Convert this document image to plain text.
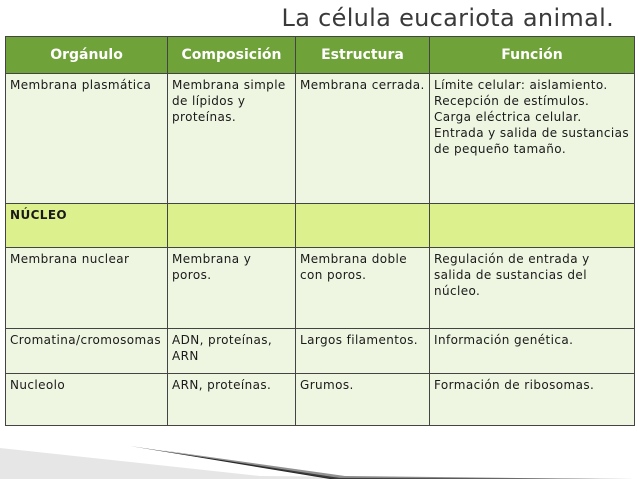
La célula eucariota animal.
Orgánulo	Composición	Estructura	Función
Membrana plasmática	Membrana simple de lípidos y proteínas.	Membrana cerrada.	Límite celular: aislamiento. Recepción de estímulos. Carga eléctrica celular. Entrada y salida de sustancias de pequeño tamaño.
NÚCLEO			
Membrana nuclear	Membrana y poros.	Membrana doble con poros.	Regulación de entrada y salida de sustancias del núcleo.
Cromatina/cromosomas	ADN, proteínas, ARN	Largos filamentos.	Información genética.
Nucleolo	ARN, proteínas.	Grumos.	Formación de ribosomas.
